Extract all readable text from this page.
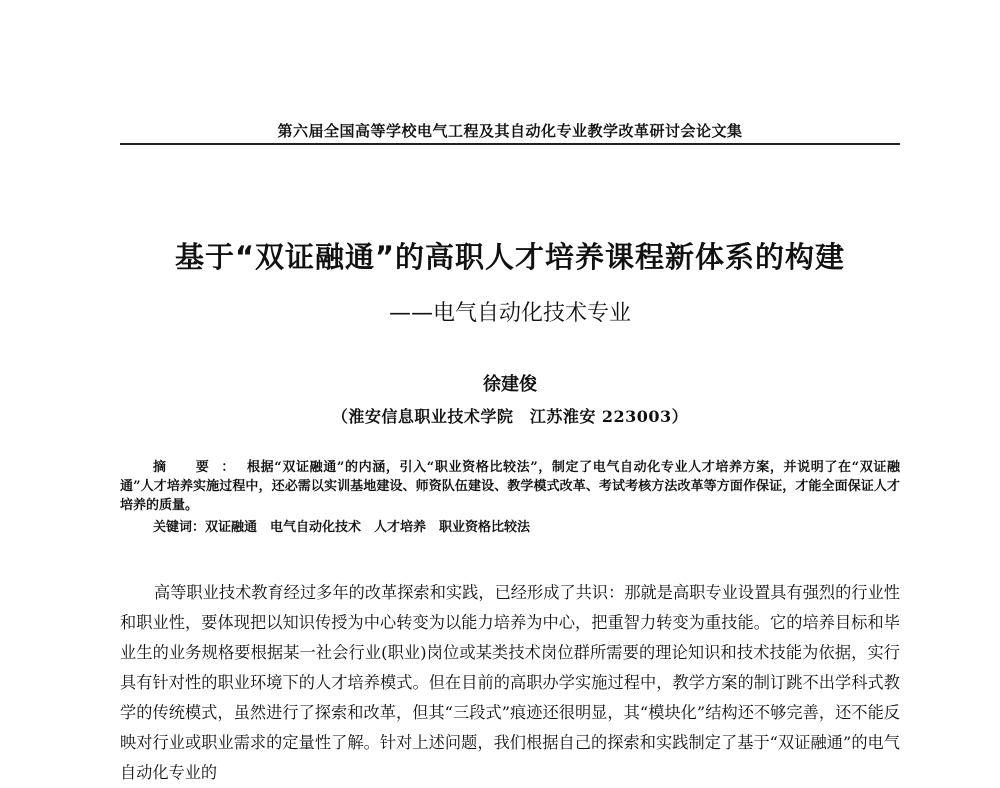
第六届全国高等学校电气工程及其自动化专业教学改革研讨会论文集
基于“双证融通”的高职人才培养课程新体系的构建
——电气自动化技术专业
徐建俊
（淮安信息职业技术学院　江苏淮安 223003）
摘 要：根据“双证融通”的内涵，引入“职业资格比较法”，制定了电气自动化专业人才培养方案，并说明了在“双证融通”人才培养实施过程中，还必需以实训基地建设、师资队伍建设、教学模式改革、考试考核方法改革等方面作保证，才能全面保证人才培养的质量。
关键词：双证融通　电气自动化技术　人才培养　职业资格比较法
高等职业技术教育经过多年的改革探索和实践，已经形成了共识：那就是高职专业设置具有强烈的行业性和职业性，要体现把以知识传授为中心转变为以能力培养为中心，把重智力转变为重技能。它的培养目标和毕业生的业务规格要根据某一社会行业(职业)岗位或某类技术岗位群所需要的理论知识和技术技能为依据，实行具有针对性的职业环境下的人才培养模式。但在目前的高职办学实施过程中，教学方案的制订跳不出学科式教学的传统模式，虽然进行了探索和改革，但其“三段式”痕迹还很明显，其“模块化”结构还不够完善，还不能反映对行业或职业需求的定量性了解。针对上述问题，我们根据自己的探索和实践制定了基于“双证融通”的电气自动化专业的
